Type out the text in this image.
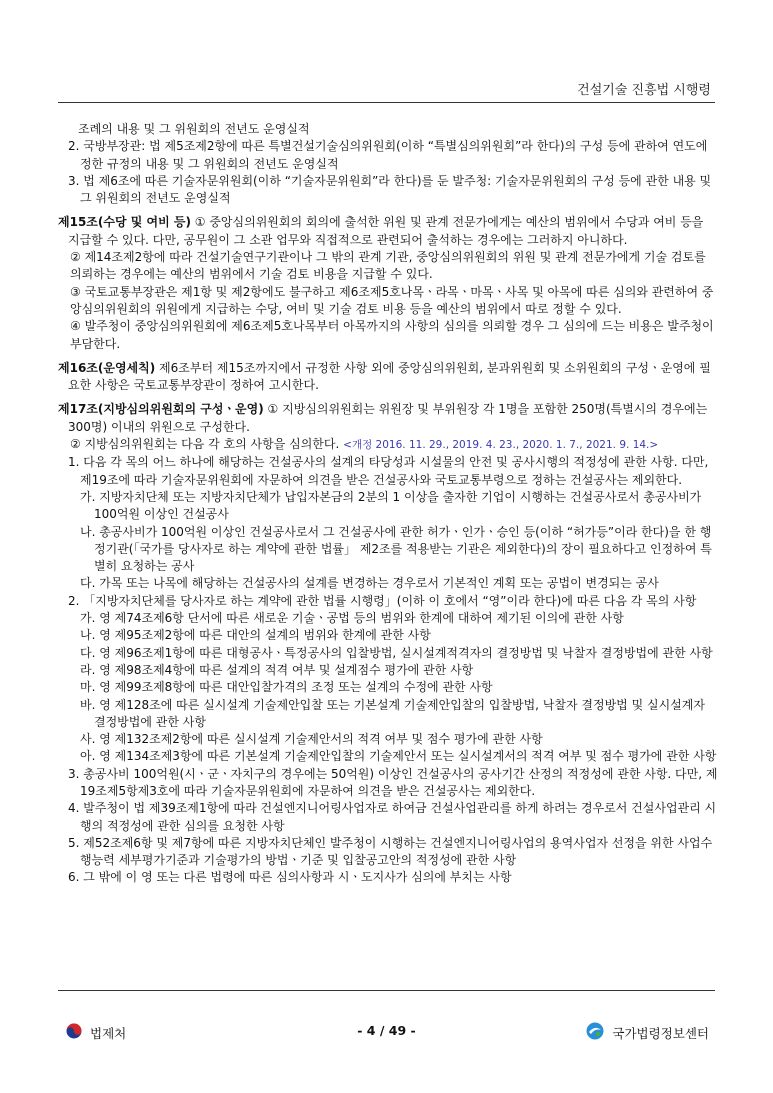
건설기술 진흥법 시행령

조례의 내용 및 그 위원회의 전년도 운영실적

2. 국방부장관: 법 제5조제2항에 따른 특별건설기술심의위원회(이하 “특별심의위원회”라 한다)의 구성 등에 관하여 연도에 정한 규정의 내용 및 그 위원회의 전년도 운영실적

3. 법 제6조에 따른 기술자문위원회(이하 “기술자문위원회”라 한다)를 둔 발주청: 기술자문위원회의 구성 등에 관한 내용 및 그 위원회의 전년도 운영실적

제15조(수당 및 여비 등) ① 중앙심의위원회의 회의에 출석한 위원 및 관계 전문가에게는 예산의 범위에서 수당과 여비 등을 지급할 수 있다. 다만, 공무원이 그 소관 업무와 직접적으로 관련되어 출석하는 경우에는 그러하지 아니하다.

② 제14조제2항에 따라 건설기술연구기관이나 그 밖의 관계 기관, 중앙심의위원회의 위원 및 관계 전문가에게 기술 검토를 의뢰하는 경우에는 예산의 범위에서 기술 검토 비용을 지급할 수 있다.

③ 국토교통부장관은 제1항 및 제2항에도 불구하고 제6조제5호나목ㆍ라목ㆍ마목ㆍ사목 및 아목에 따른 심의와 관련하여 중앙심의위원회의 위원에게 지급하는 수당, 여비 및 기술 검토 비용 등을 예산의 범위에서 따로 정할 수 있다.

④ 발주청이 중앙심의위원회에 제6조제5호나목부터 아목까지의 사항의 심의를 의뢰할 경우 그 심의에 드는 비용은 발주청이 부담한다.

제16조(운영세칙) 제6조부터 제15조까지에서 규정한 사항 외에 중앙심의위원회, 분과위원회 및 소위원회의 구성ㆍ운영에 필요한 사항은 국토교통부장관이 정하여 고시한다.

제17조(지방심의위원회의 구성ㆍ운영) ① 지방심의위원회는 위원장 및 부위원장 각 1명을 포함한 250명(특별시의 경우에는 300명) 이내의 위원으로 구성한다.

② 지방심의위원회는 다음 각 호의 사항을 심의한다. <개정 2016. 11. 29., 2019. 4. 23., 2020. 1. 7., 2021. 9. 14.>

1. 다음 각 목의 어느 하나에 해당하는 건설공사의 설계의 타당성과 시설물의 안전 및 공사시행의 적정성에 관한 사항. 다만, 제19조에 따라 기술자문위원회에 자문하여 의견을 받은 건설공사와 국토교통부령으로 정하는 건설공사는 제외한다.

가. 지방자치단체 또는 지방자치단체가 납입자본금의 2분의 1 이상을 출자한 기업이 시행하는 건설공사로서 총공사비가 100억원 이상인 건설공사

나. 총공사비가 100억원 이상인 건설공사로서 그 건설공사에 관한 허가ㆍ인가ㆍ승인 등(이하 “허가등”이라 한다)을 한 행정기관(「국가를 당사자로 하는 계약에 관한 법률」 제2조를 적용받는 기관은 제외한다)의 장이 필요하다고 인정하여 특별히 요청하는 공사

다. 가목 또는 나목에 해당하는 건설공사의 설계를 변경하는 경우로서 기본적인 계획 또는 공법이 변경되는 공사

2. 「지방자치단체를 당사자로 하는 계약에 관한 법률 시행령」(이하 이 호에서 “영”이라 한다)에 따른 다음 각 목의 사항

가. 영 제74조제6항 단서에 따른 새로운 기술ㆍ공법 등의 범위와 한계에 대하여 제기된 이의에 관한 사항

나. 영 제95조제2항에 따른 대안의 설계의 범위와 한계에 관한 사항

다. 영 제96조제1항에 따른 대형공사ㆍ특정공사의 입찰방법, 실시설계적격자의 결정방법 및 낙찰자 결정방법에 관한 사항

라. 영 제98조제4항에 따른 설계의 적격 여부 및 설계점수 평가에 관한 사항

마. 영 제99조제8항에 따른 대안입찰가격의 조정 또는 설계의 수정에 관한 사항

바. 영 제128조에 따른 실시설계 기술제안입찰 또는 기본설계 기술제안입찰의 입찰방법, 낙찰자 결정방법 및 실시설계자 결정방법에 관한 사항

사. 영 제132조제2항에 따른 실시설계 기술제안서의 적격 여부 및 점수 평가에 관한 사항

아. 영 제134조제3항에 따른 기본설계 기술제안입찰의 기술제안서 또는 실시설계서의 적격 여부 및 점수 평가에 관한 사항

3. 총공사비 100억원(시ㆍ군ㆍ자치구의 경우에는 50억원) 이상인 건설공사의 공사기간 산정의 적정성에 관한 사항. 다만, 제19조제5항제3호에 따라 기술자문위원회에 자문하여 의견을 받은 건설공사는 제외한다.

4. 발주청이 법 제39조제1항에 따라 건설엔지니어링사업자로 하여금 건설사업관리를 하게 하려는 경우로서 건설사업관리 시행의 적정성에 관한 심의를 요청한 사항

5. 제52조제6항 및 제7항에 따른 지방자치단체인 발주청이 시행하는 건설엔지니어링사업의 용역사업자 선정을 위한 사업수행능력 세부평가기준과 기술평가의 방법ㆍ기준 및 입찰공고안의 적정성에 관한 사항

6. 그 밖에 이 영 또는 다른 법령에 따른 심의사항과 시ㆍ도지사가 심의에 부치는 사항

법제처	- 4 / 49 -	국가법령정보센터
